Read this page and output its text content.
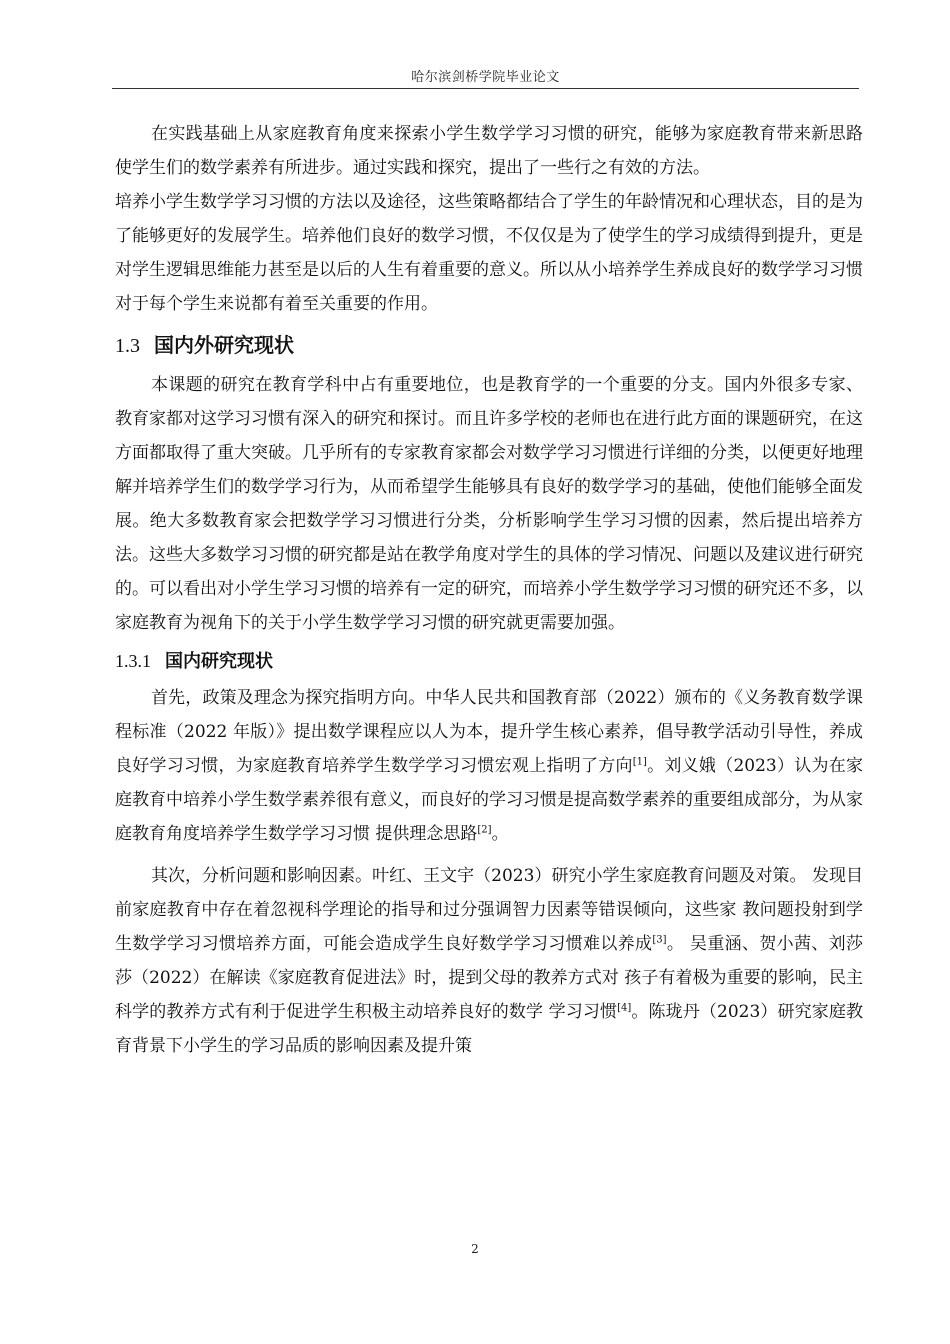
哈尔滨剑桥学院毕业论文

在实践基础上从家庭教育角度来探索小学生数学学习习惯的研究，能够为家庭教育带来新思路使学生们的数学素养有所进步。通过实践和探究，提出了一些行之有效的方法。

培养小学生数学学习习惯的方法以及途径，这些策略都结合了学生的年龄情况和心理状态，目的是为了能够更好的发展学生。培养他们良好的数学习惯，不仅仅是为了使学生的学习成绩得到提升，更是对学生逻辑思维能力甚至是以后的人生有着重要的意义。所以从小培养学生养成良好的数学学习习惯对于每个学生来说都有着至关重要的作用。

1.3 国内外研究现状

本课题的研究在教育学科中占有重要地位，也是教育学的一个重要的分支。国内外很多专家、教育家都对这学习习惯有深入的研究和探讨。而且许多学校的老师也在进行此方面的课题研究，在这方面都取得了重大突破。几乎所有的专家教育家都会对数学学习习惯进行详细的分类，以便更好地理解并培养学生们的数学学习行为，从而希望学生能够具有良好的数学学习的基础，使他们能够全面发展。绝大多数教育家会把数学学习习惯进行分类，分析影响学生学习习惯的因素，然后提出培养方法。这些大多数学习习惯的研究都是站在教学角度对学生的具体的学习情况、问题以及建议进行研究的。可以看出对小学生学习习惯的培养有一定的研究，而培养小学生数学学习习惯的研究还不多，以家庭教育为视角下的关于小学生数学学习习惯的研究就更需要加强。

1.3.1 国内研究现状

首先，政策及理念为探究指明方向。中华人民共和国教育部（2022）颁布的《义务教育数学课程标准（2022 年版）》提出数学课程应以人为本，提升学生核心素养，倡导教学活动引导性，养成良好学习习惯，为家庭教育培养学生数学学习习惯宏观上指明了方向[1]。刘义娥（2023）认为在家庭教育中培养小学生数学素养很有意义，而良好的学习习惯是提高数学素养的重要组成部分，为从家庭教育角度培养学生数学学习习惯 提供理念思路[2]。

其次，分析问题和影响因素。叶红、王文宇（2023）研究小学生家庭教育问题及对策。 发现目前家庭教育中存在着忽视科学理论的指导和过分强调智力因素等错误倾向，这些家 教问题投射到学生数学学习习惯培养方面，可能会造成学生良好数学学习习惯难以养成[3]。 吴重涵、贺小茜、刘莎莎（2022）在解读《家庭教育促进法》时，提到父母的教养方式对 孩子有着极为重要的影响，民主科学的教养方式有利于促进学生积极主动培养良好的数学 学习习惯[4]。陈珑丹（2023）研究家庭教育背景下小学生的学习品质的影响因素及提升策

2
